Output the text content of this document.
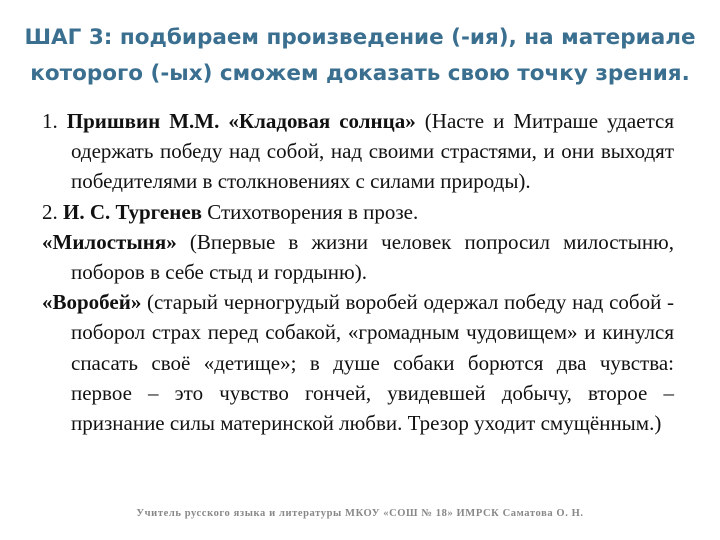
ШАГ 3: подбираем произведение (-ия), на материале
которого (-ых) сможем доказать свою точку зрения.
1. Пришвин М.М. «Кладовая солнца» (Насте и Митраше удается одержать победу над собой, над своими страстями, и они выходят победителями в столкновениях с силами природы).
2. И. С. Тургенев Стихотворения в прозе.
«Милостыня» (Впервые в жизни человек попросил милостыню, поборов в себе стыд и гордыню).
«Воробей» (старый черногрудый воробей одержал победу над собой - поборол страх перед собакой, «громадным чудовищем» и кинулся спасать своё «детище»; в душе собаки борются два чувства: первое – это чувство гончей, увидевшей добычу, второе – признание силы материнской любви. Трезор уходит смущённым.)
Учитель русского языка и литературы МКОУ «СОШ № 18» ИМРСК Саматова О. Н.
